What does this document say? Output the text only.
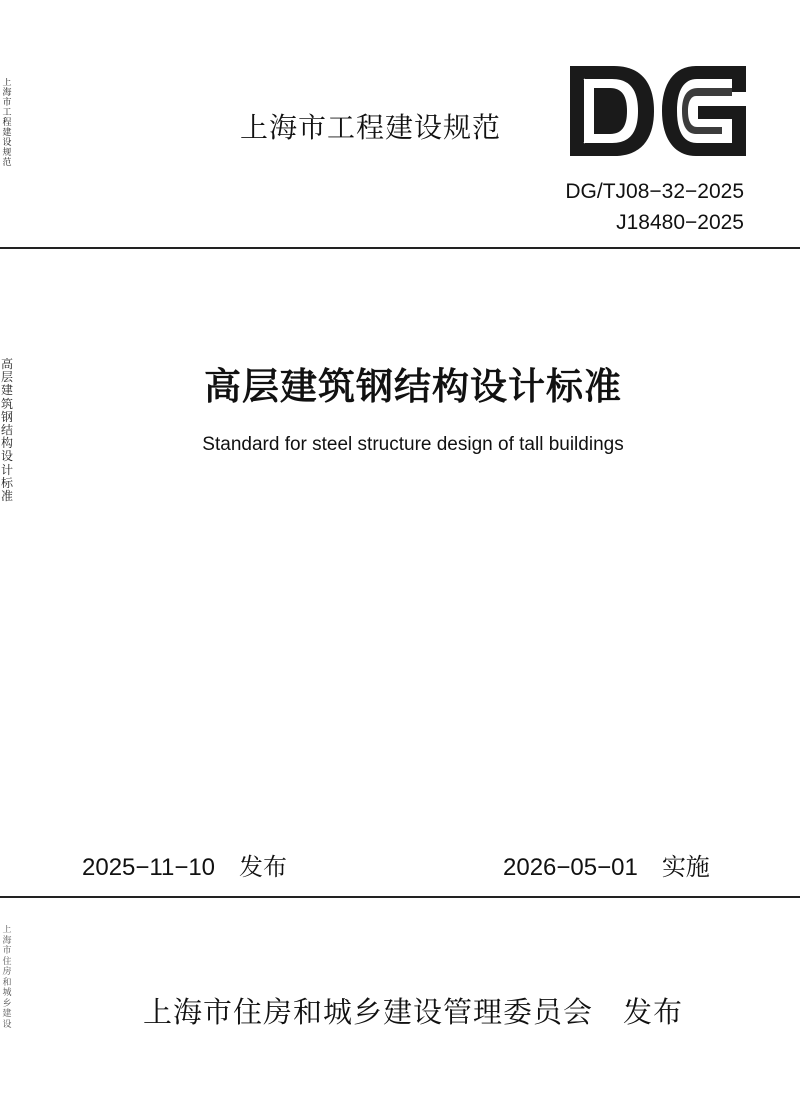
上海市工程建设规范
高层建筑钢结构设计标准
上海市住房和城乡建设
上海市工程建设规范
DG/TJ08−32−2025
J18480−2025
高层建筑钢结构设计标准
Standard for steel structure design of tall buildings
2025−11−10 发布	2026−05−01 实施
上海市住房和城乡建设管理委员会 发布
